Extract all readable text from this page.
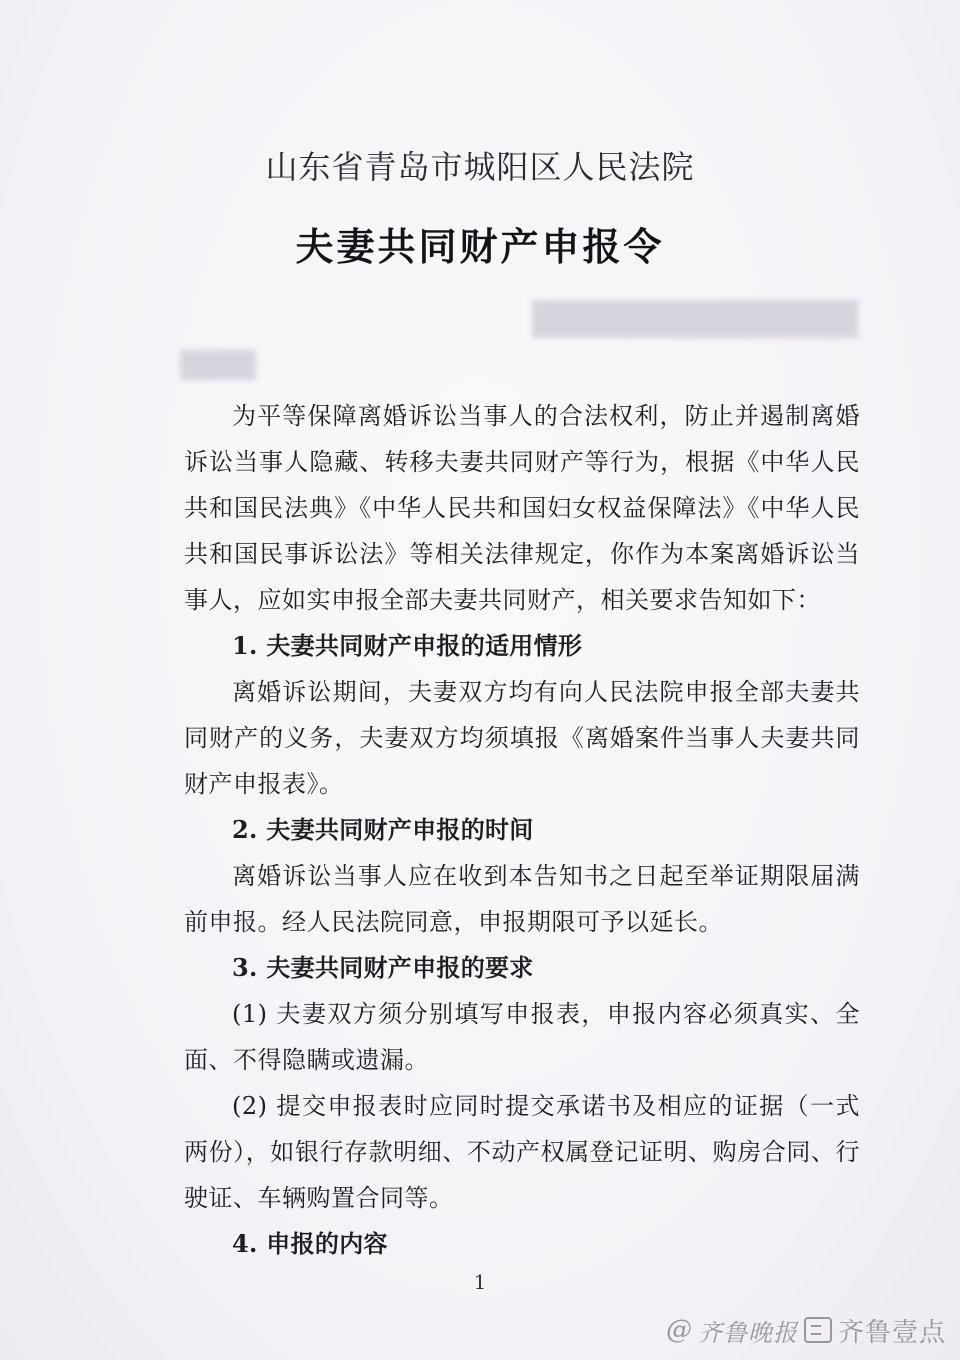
山东省青岛市城阳区人民法院
夫妻共同财产申报令

为平等保障离婚诉讼当事人的合法权利，防止并遏制离婚诉讼当事人隐藏、转移夫妻共同财产等行为，根据《中华人民共和国民法典》《中华人民共和国妇女权益保障法》《中华人民共和国民事诉讼法》等相关法律规定，你作为本案离婚诉讼当事人，应如实申报全部夫妻共同财产，相关要求告知如下：

1. 夫妻共同财产申报的适用情形

离婚诉讼期间，夫妻双方均有向人民法院申报全部夫妻共同财产的义务，夫妻双方均须填报《离婚案件当事人夫妻共同财产申报表》。

2. 夫妻共同财产申报的时间

离婚诉讼当事人应在收到本告知书之日起至举证期限届满前申报。经人民法院同意，申报期限可予以延长。

3. 夫妻共同财产申报的要求

(1) 夫妻双方须分别填写申报表，申报内容必须真实、全面、不得隐瞒或遗漏。

(2) 提交申报表时应同时提交承诺书及相应的证据（一式两份），如银行存款明细、不动产权属登记证明、购房合同、行驶证、车辆购置合同等。

4. 申报的内容

1
@ 齐鲁晚报 齐鲁壹点
